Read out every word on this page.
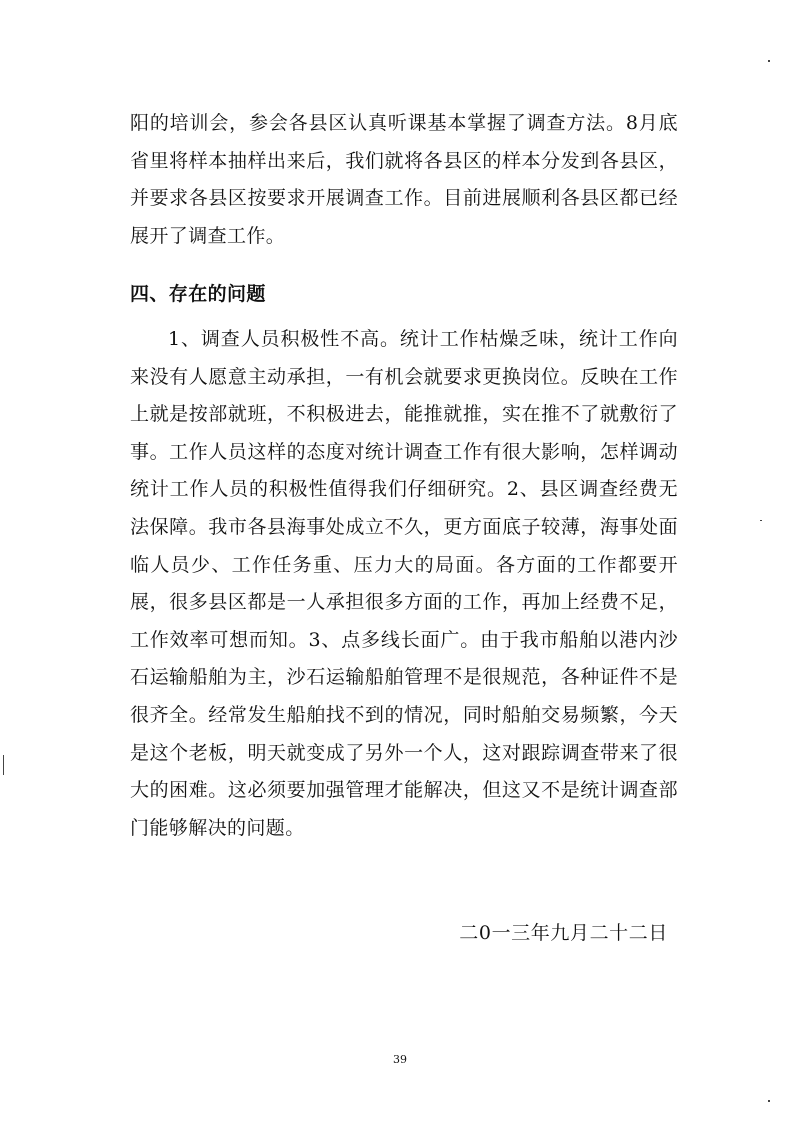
阳的培训会，参会各县区认真听课基本掌握了调查方法。8月底省里将样本抽样出来后，我们就将各县区的样本分发到各县区，并要求各县区按要求开展调查工作。目前进展顺利各县区都已经展开了调查工作。

四、存在的问题

1、调查人员积极性不高。统计工作枯燥乏味，统计工作向来没有人愿意主动承担，一有机会就要求更换岗位。反映在工作上就是按部就班，不积极进去，能推就推，实在推不了就敷衍了事。工作人员这样的态度对统计调查工作有很大影响，怎样调动统计工作人员的积极性值得我们仔细研究。2、县区调查经费无法保障。我市各县海事处成立不久，更方面底子较薄，海事处面临人员少、工作任务重、压力大的局面。各方面的工作都要开展，很多县区都是一人承担很多方面的工作，再加上经费不足，工作效率可想而知。3、点多线长面广。由于我市船舶以港内沙石运输船舶为主，沙石运输船舶管理不是很规范，各种证件不是很齐全。经常发生船舶找不到的情况，同时船舶交易频繁，今天是这个老板，明天就变成了另外一个人，这对跟踪调查带来了很大的困难。这必须要加强管理才能解决，但这又不是统计调查部门能够解决的问题。

二0一三年九月二十二日

39
